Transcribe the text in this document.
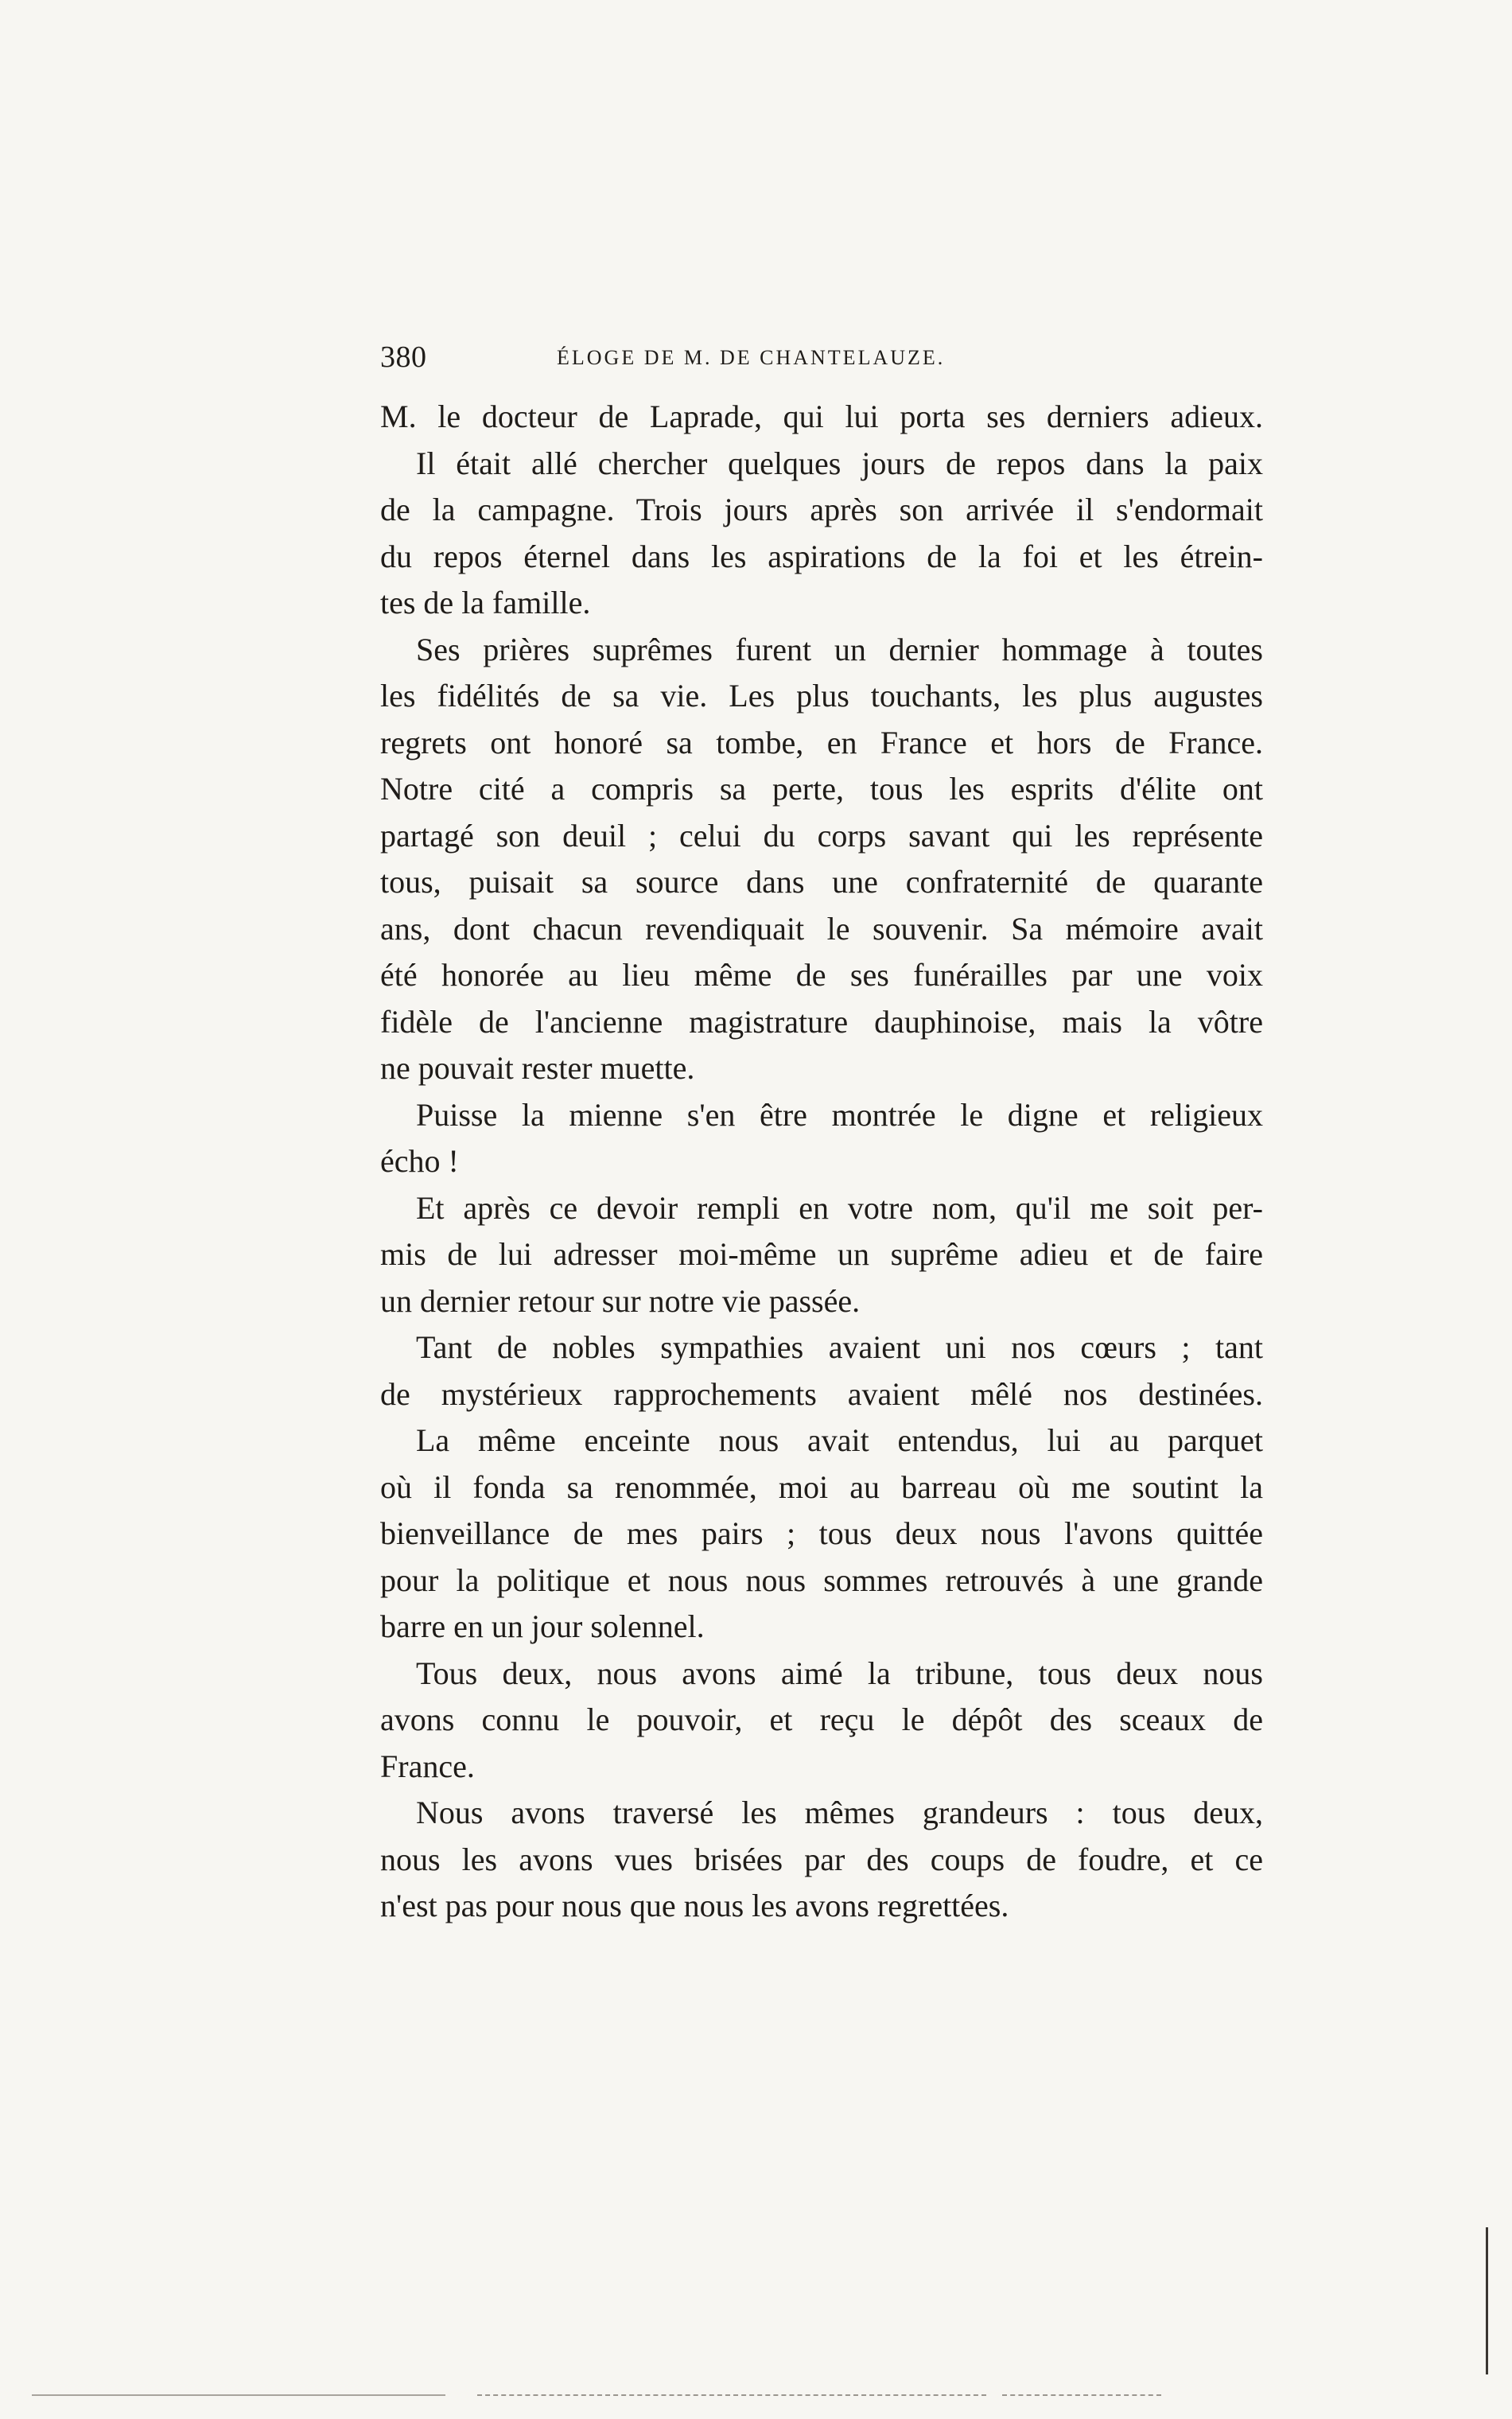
380	ÉLOGE DE M. DE CHANTELAUZE.
M. le docteur de Laprade, qui lui porta ses derniers adieux.
Il était allé chercher quelques jours de repos dans la paix
de la campagne. Trois jours après son arrivée il s'endormait
du repos éternel dans les aspirations de la foi et les étrein-
tes de la famille.
Ses prières suprêmes furent un dernier hommage à toutes
les fidélités de sa vie. Les plus touchants, les plus augustes
regrets ont honoré sa tombe, en France et hors de France.
Notre cité a compris sa perte, tous les esprits d'élite ont
partagé son deuil ; celui du corps savant qui les représente
tous, puisait sa source dans une confraternité de quarante
ans, dont chacun revendiquait le souvenir. Sa mémoire avait
été honorée au lieu même de ses funérailles par une voix
fidèle de l'ancienne magistrature dauphinoise, mais la vôtre
ne pouvait rester muette.
Puisse la mienne s'en être montrée le digne et religieux
écho !
Et après ce devoir rempli en votre nom, qu'il me soit per-
mis de lui adresser moi-même un suprême adieu et de faire
un dernier retour sur notre vie passée.
Tant de nobles sympathies avaient uni nos cœurs ; tant
de mystérieux rapprochements avaient mêlé nos destinées.
La même enceinte nous avait entendus, lui au parquet
où il fonda sa renommée, moi au barreau où me soutint la
bienveillance de mes pairs ; tous deux nous l'avons quittée
pour la politique et nous nous sommes retrouvés à une grande
barre en un jour solennel.
Tous deux, nous avons aimé la tribune, tous deux nous
avons connu le pouvoir, et reçu le dépôt des sceaux de
France.
Nous avons traversé les mêmes grandeurs : tous deux,
nous les avons vues brisées par des coups de foudre, et ce
n'est pas pour nous que nous les avons regrettées.
